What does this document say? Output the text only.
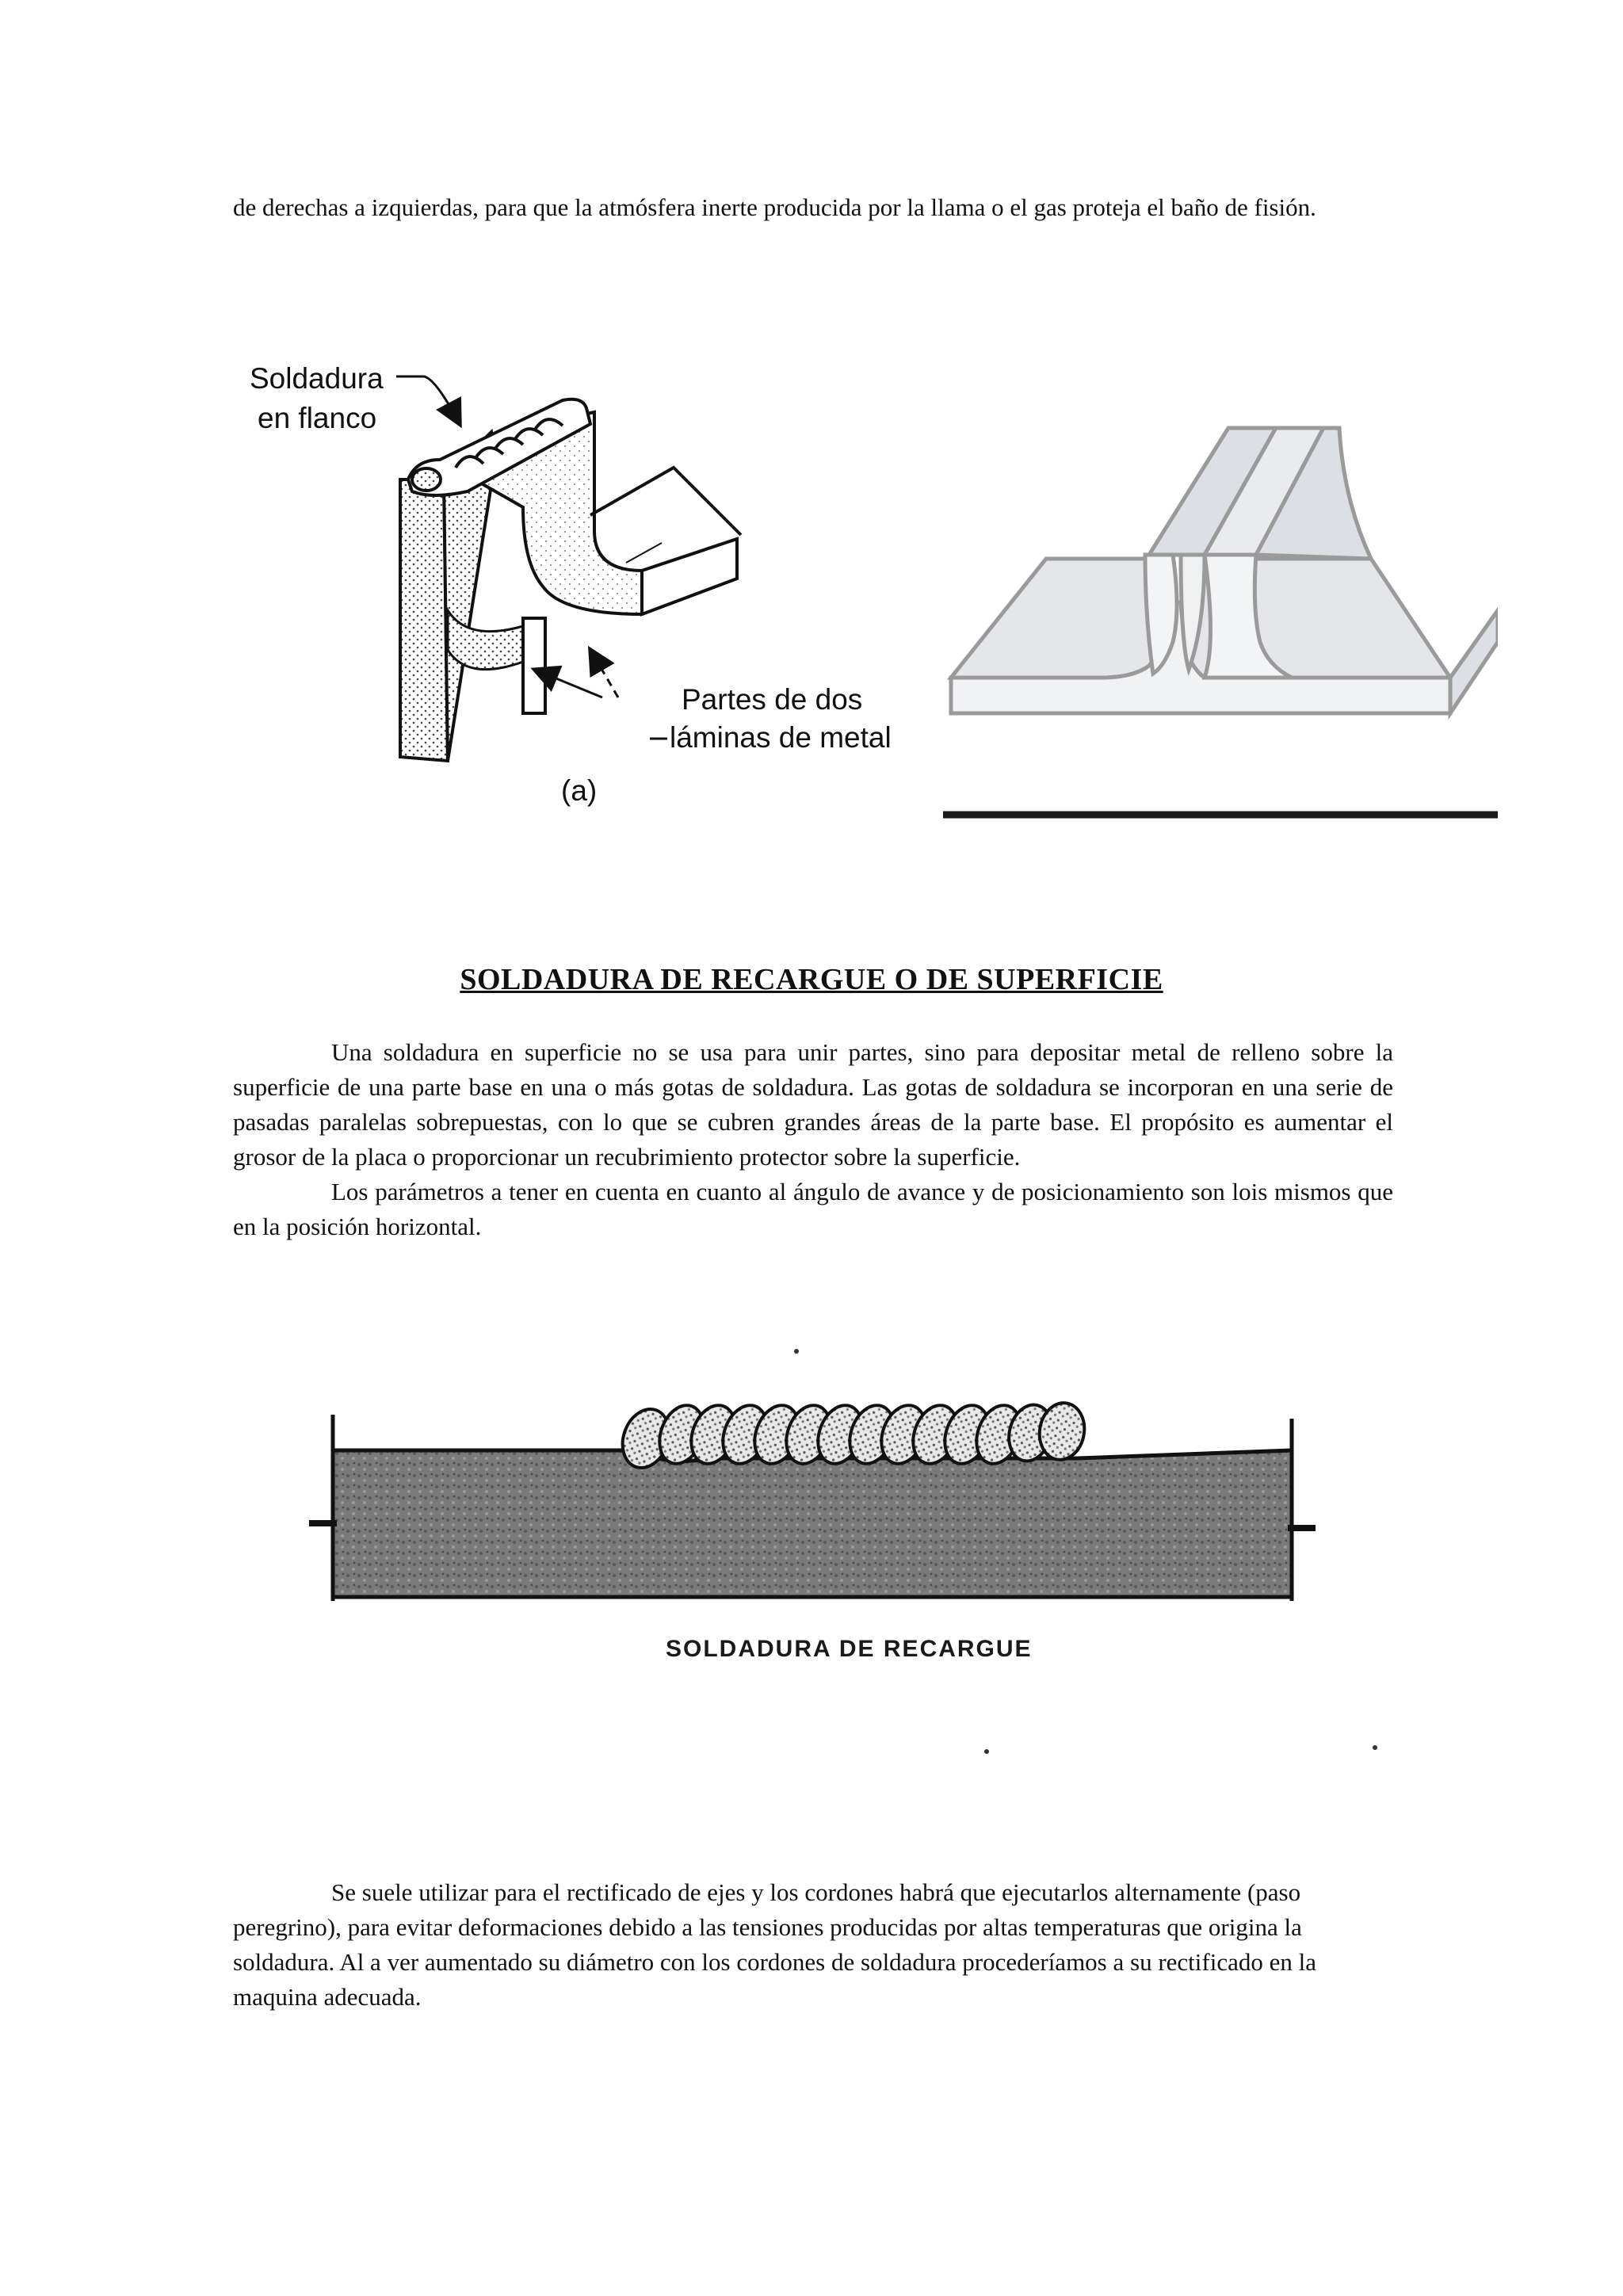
de derechas a izquierdas, para que la atmósfera inerte producida por la llama o el gas proteja el baño de fisión.

Soldadura
en flanco
Partes de dos
láminas de metal
(a)
SOLDADURA DE RECARGUE O DE SUPERFICIE

Una soldadura en superficie no se usa para unir partes, sino para depositar metal de relleno sobre la superficie de una parte base en una o más gotas de soldadura. Las gotas de soldadura se incorporan en una serie de pasadas paralelas sobrepuestas, con lo que se cubren grandes áreas de la parte base. El propósito es aumentar el grosor de la placa o proporcionar un recubrimiento protector sobre la superficie.

Los parámetros a tener en cuenta en cuanto al ángulo de avance y de posicionamiento son lois mismos que en la posición horizontal.

SOLDADURA DE RECARGUE

Se suele utilizar para el rectificado de ejes y los cordones habrá que ejecutarlos alternamente (paso peregrino), para evitar deformaciones debido a las tensiones producidas por altas temperaturas que origina la soldadura. Al a ver aumentado su diámetro con los cordones de soldadura procederíamos a su rectificado en la maquina adecuada.
